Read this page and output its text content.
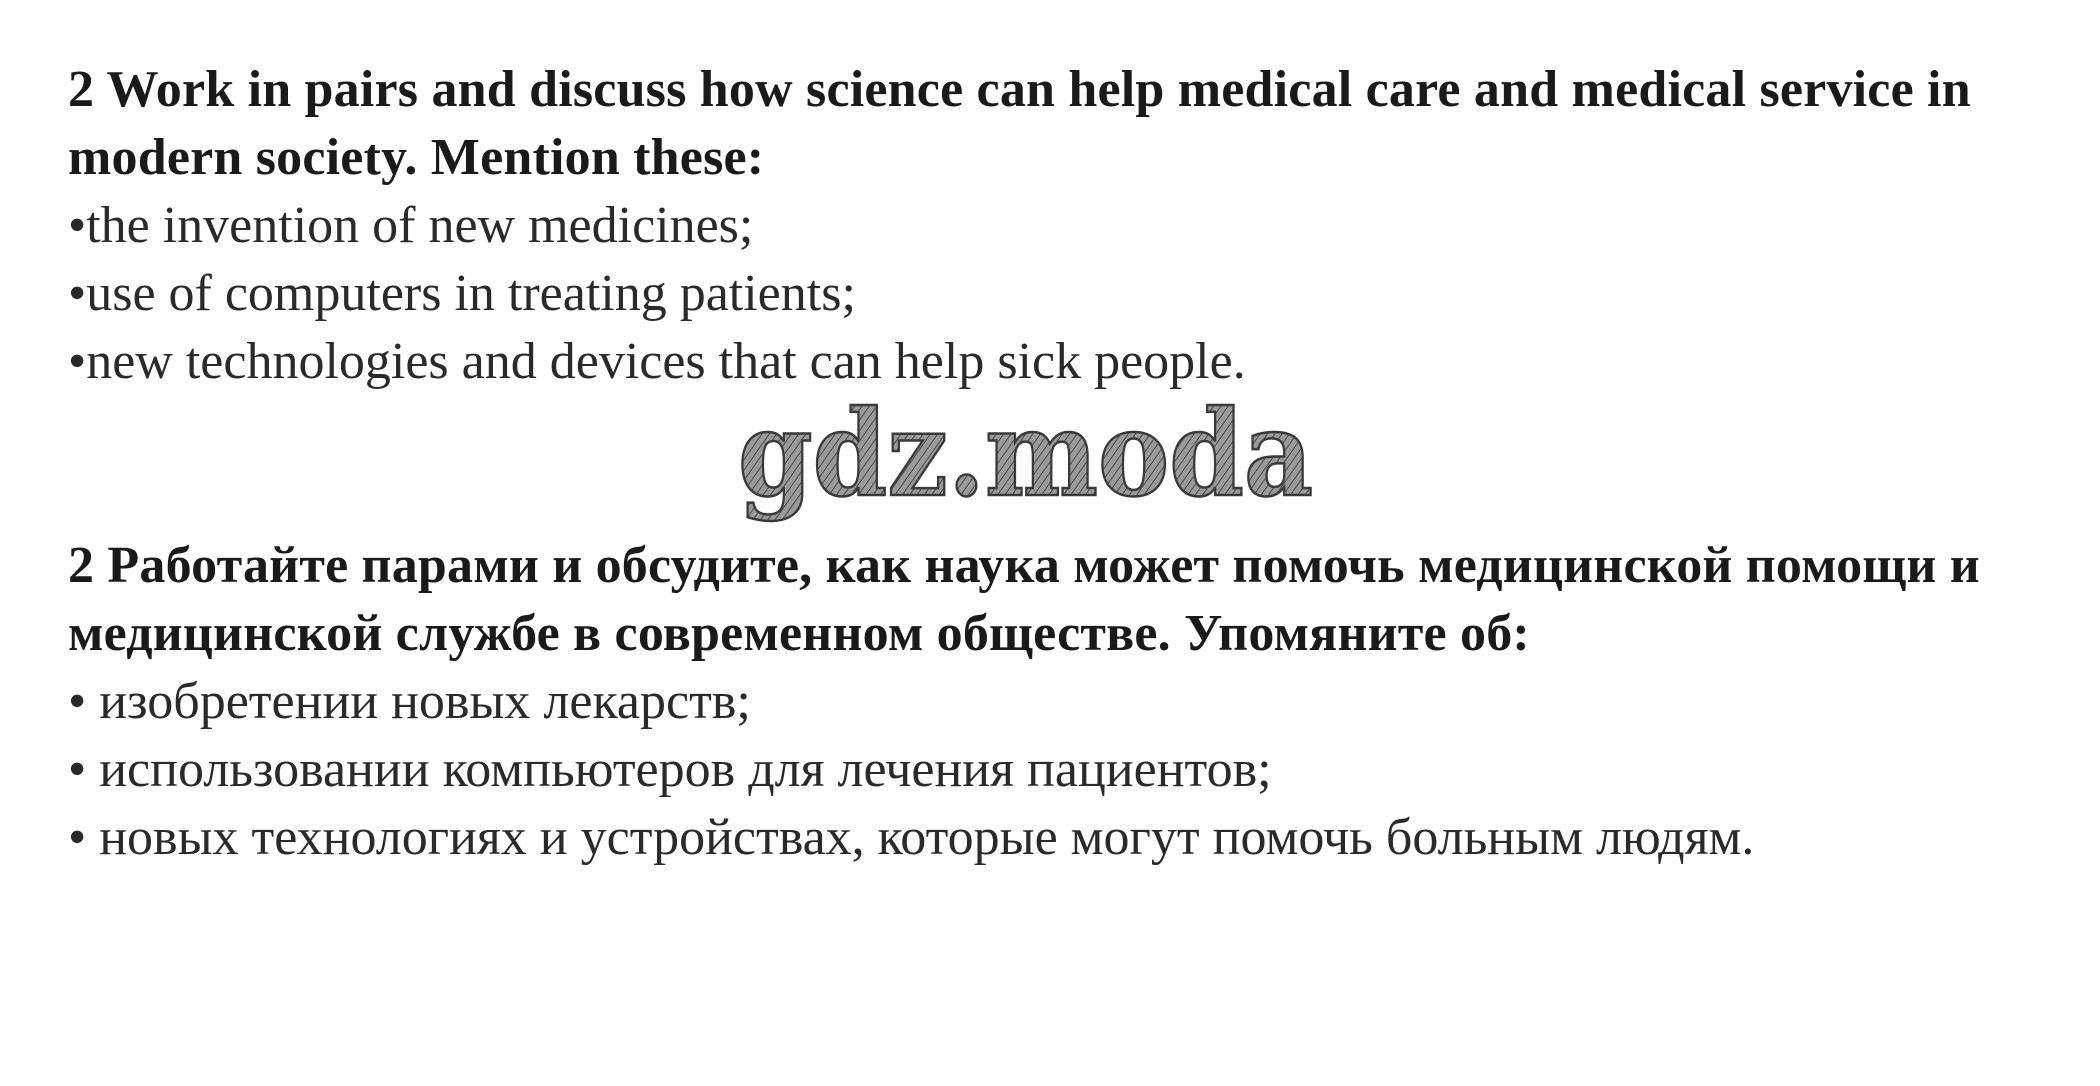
2 Work in pairs and discuss how science can help medical care and medical service in modern society. Mention these:

•the invention of new medicines;
•use of computers in treating patients;
•new technologies and devices that can help sick people.
gdz.moda

2 Работайте парами и обсудите, как наука может помочь медицинской помощи и медицинской службе в современном обществе. Упомяните об:

• изобретении новых лекарств;
• использовании компьютеров для лечения пациентов;
• новых технологиях и устройствах, которые могут помочь больным людям.
